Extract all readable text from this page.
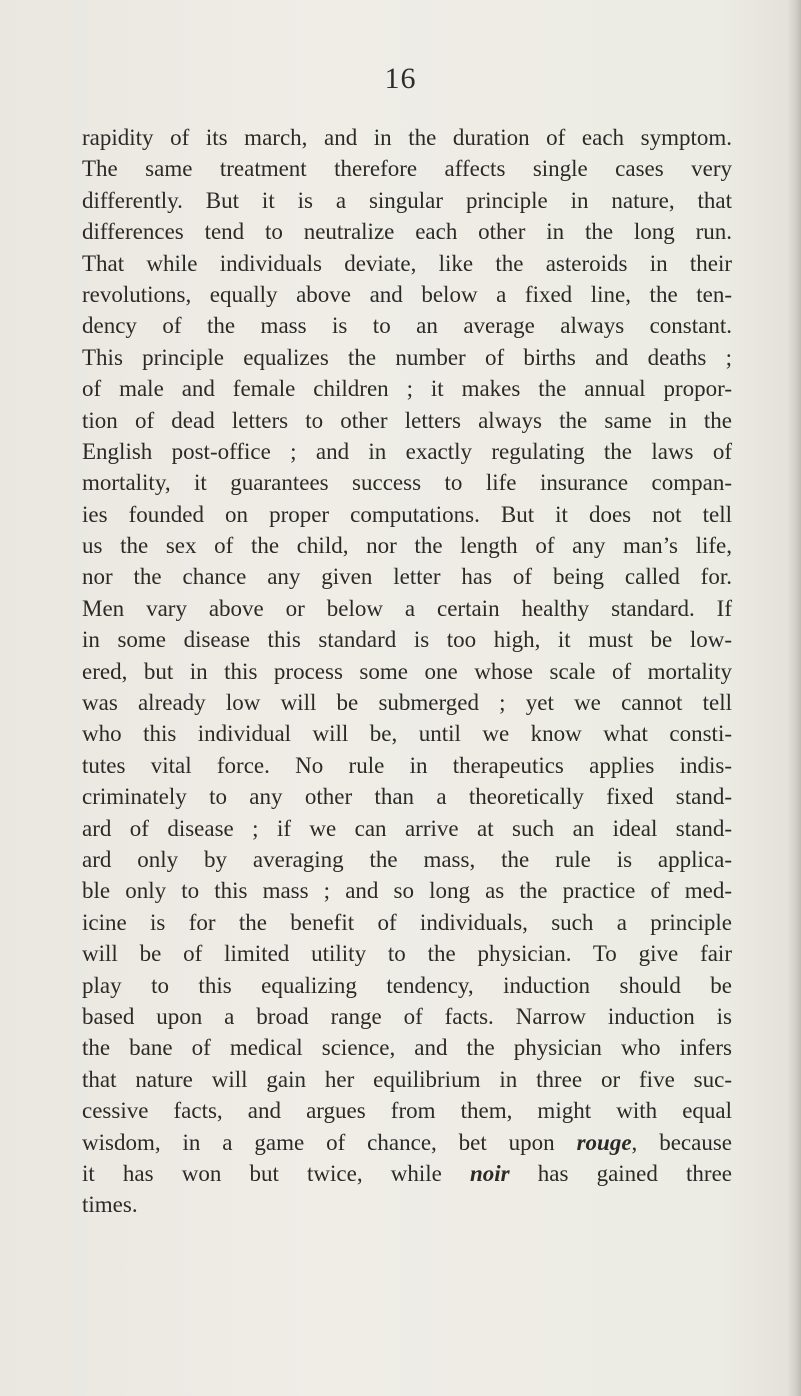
16
rapidity of its march, and in the duration of each symptom.
The same treatment therefore affects single cases very
differently. But it is a singular principle in nature, that
differences tend to neutralize each other in the long run.
That while individuals deviate, like the asteroids in their
revolutions, equally above and below a fixed line, the ten-
dency of the mass is to an average always constant.
This principle equalizes the number of births and deaths ;
of male and female children ; it makes the annual propor-
tion of dead letters to other letters always the same in the
English post-office ; and in exactly regulating the laws of
mortality, it guarantees success to life insurance compan-
ies founded on proper computations. But it does not tell
us the sex of the child, nor the length of any man’s life,
nor the chance any given letter has of being called for.
Men vary above or below a certain healthy standard. If
in some disease this standard is too high, it must be low-
ered, but in this process some one whose scale of mortality
was already low will be submerged ; yet we cannot tell
who this individual will be, until we know what consti-
tutes vital force. No rule in therapeutics applies indis-
criminately to any other than a theoretically fixed stand-
ard of disease ; if we can arrive at such an ideal stand-
ard only by averaging the mass, the rule is applica-
ble only to this mass ; and so long as the practice of med-
icine is for the benefit of individuals, such a principle
will be of limited utility to the physician. To give fair
play to this equalizing tendency, induction should be
based upon a broad range of facts. Narrow induction is
the bane of medical science, and the physician who infers
that nature will gain her equilibrium in three or five suc-
cessive facts, and argues from them, might with equal
wisdom, in a game of chance, bet upon rouge, because
it has won but twice, while noir has gained three
times.
